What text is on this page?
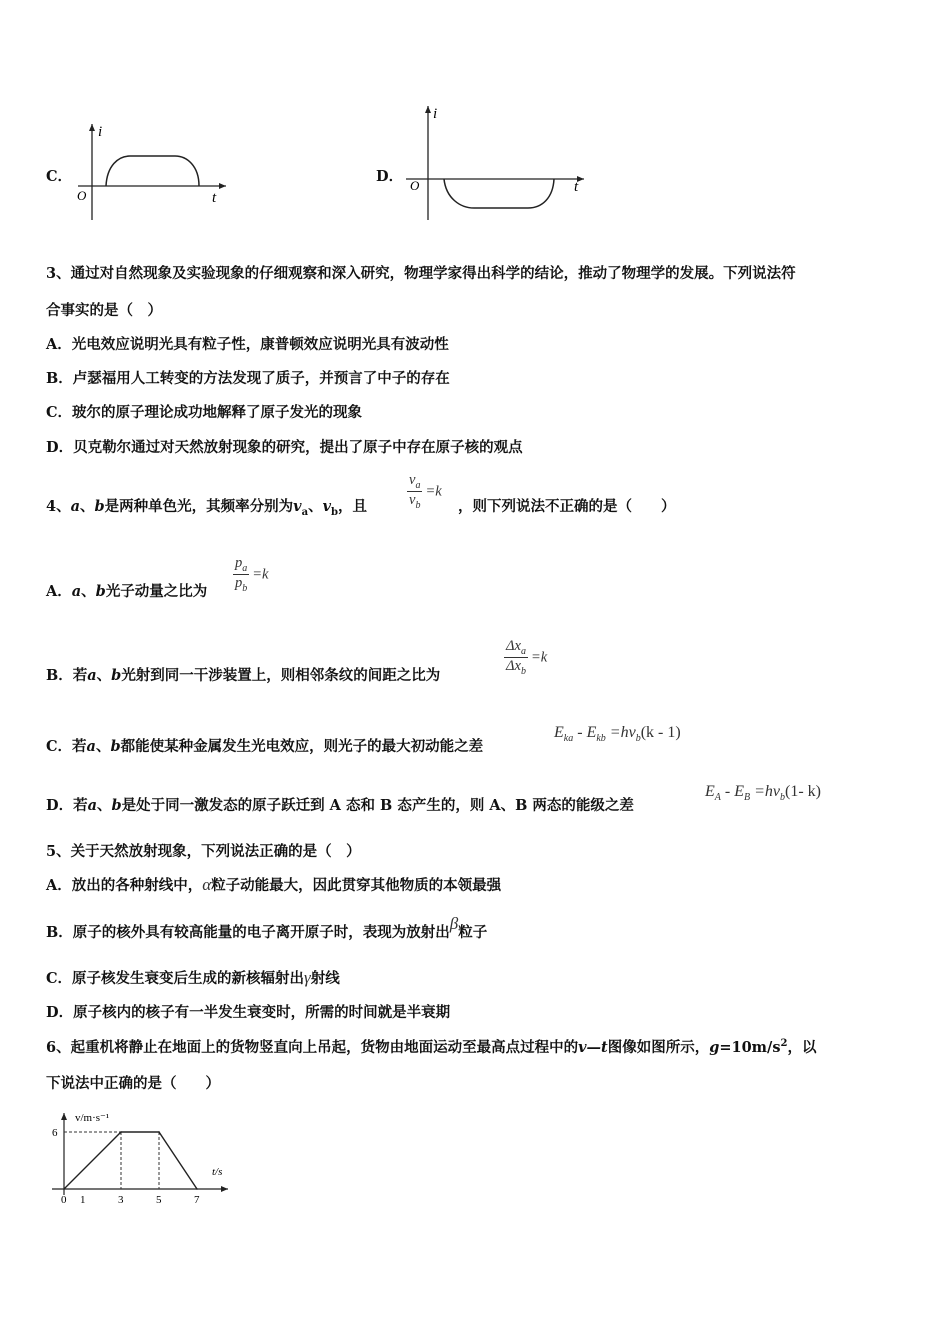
C．
i
t
O
D．
i
t
O
3、通过对自然现象及实验现象的仔细观察和深入研究，物理学家得出科学的结论，推动了物理学的发展。下列说法符
合事实的是（　）
A．光电效应说明光具有粒子性，康普顿效应说明光具有波动性
B．卢瑟福用人工转变的方法发现了质子，并预言了中子的存在
C．玻尔的原子理论成功地解释了原子发光的现象
D．贝克勒尔通过对天然放射现象的研究，提出了原子中存在原子核的观点
4、a、b是两种单色光，其频率分别为$v_a$、$v_b$，且	$\frac{v_a}{v_b} =k$
，则下列说法不正确的是（　　）
A．a、b光子动量之比为 $\frac{p_a}{p_b} =k$
B．若a、b光射到同一干涉装置上，则相邻条纹的间距之比为	$\frac{\Delta x_a}{\Delta x_b} =k$
C．若a、b都能使某种金属发生光电效应，则光子的最大初动能之差
$E_{ka} - E_{kb} =h\nu_b(k - 1)$
D．若a、b是处于同一激发态的原子跃迁到 A 态和 B 态产生的，则 A、B 两态的能级之差
$E_A - E_B =h\nu_b(1-$ k)
5、关于天然放射现象，下列说法正确的是（　）
A．放出的各种射线中，α粒子动能最大，因此贯穿其他物质的本领最强
B．原子的核外具有较高能量的电子离开原子时，表现为放射出β粒子
C．原子核发生衰变后生成的新核辐射出γ射线
D．原子核内的核子有一半发生衰变时，所需的时间就是半衰期
6、起重机将静止在地面上的货物竖直向上吊起，货物由地面运动至最高点过程中的v—t图像如图所示，$g=10m/s^2$，以
下说法中正确的是（　　）
v/m·s⁻¹
t/s
0 1	3	5	7
6
